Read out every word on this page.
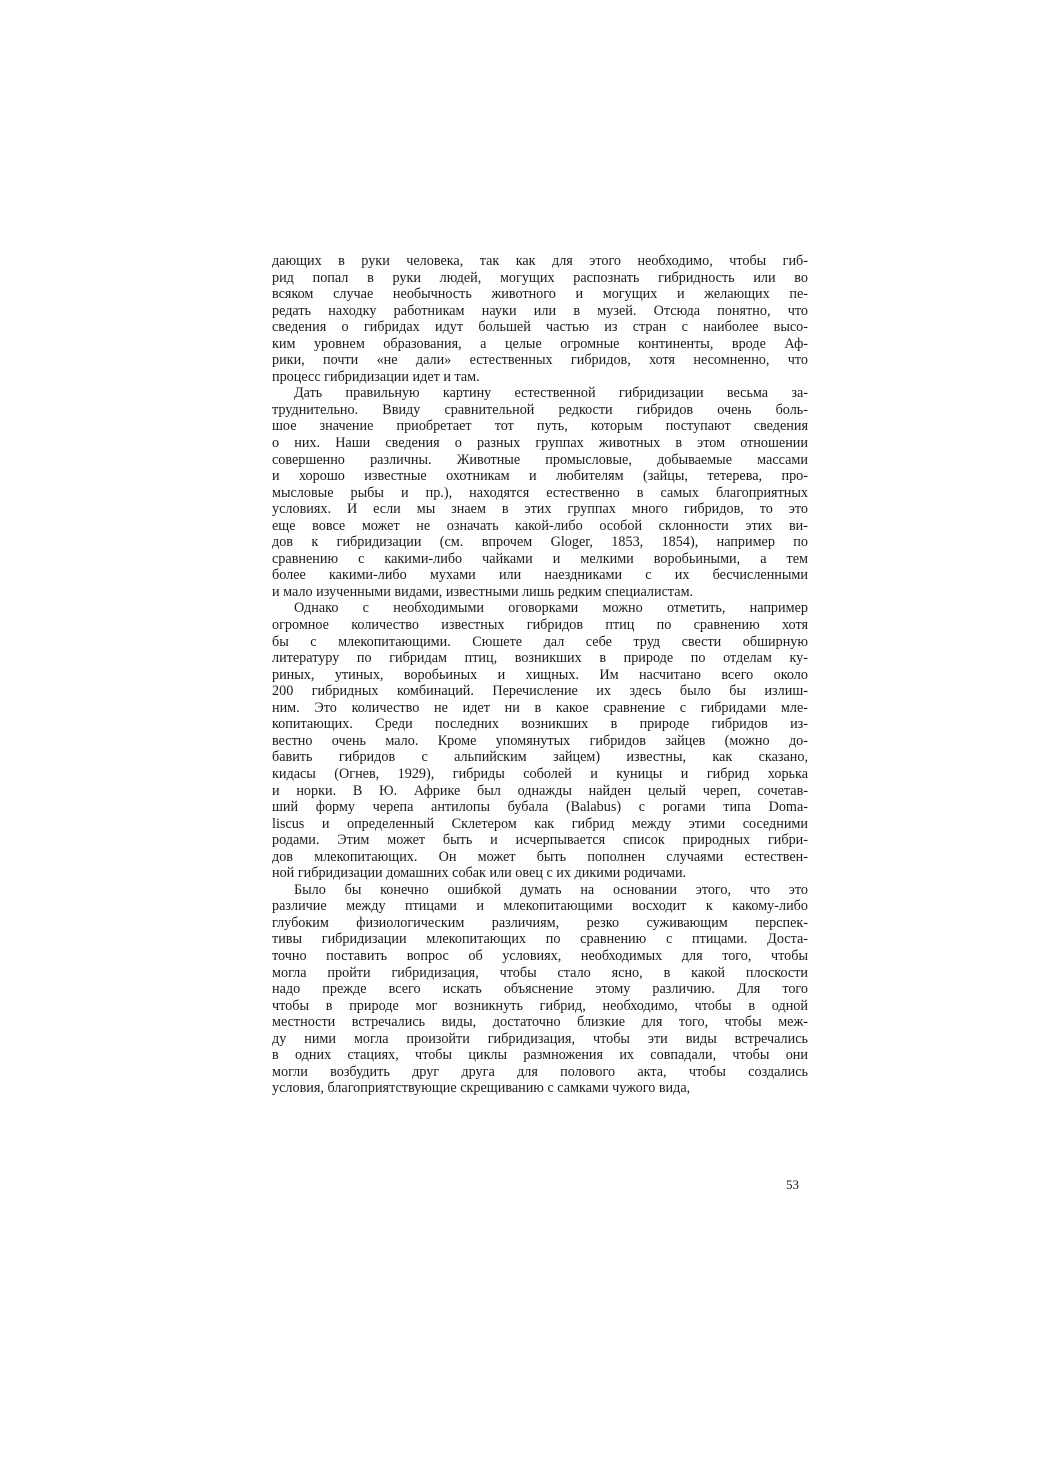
дающих в руки человека, так как для этого необходимо, чтобы гиб-
рид попал в руки людей, могущих распознать гибридность или во
всяком случае необычность животного и могущих и желающих пе-
редать находку работникам науки или в музей. Отсюда понятно, что
сведения о гибридах идут большей частью из стран с наиболее высо-
ким уровнем образования, а целые огромные континенты, вроде Аф-
рики, почти «не дали» естественных гибридов, хотя несомненно, что
процесс гибридизации идет и там.
Дать правильную картину естественной гибридизации весьма за-
труднительно. Ввиду сравнительной редкости гибридов очень боль-
шое значение приобретает тот путь, которым поступают сведения
о них. Наши сведения о разных группах животных в этом отношении
совершенно различны. Животные промысловые, добываемые массами
и хорошо известные охотникам и любителям (зайцы, тетерева, про-
мысловые рыбы и пр.), находятся естественно в самых благоприятных
условиях. И если мы знаем в этих группах много гибридов, то это
еще вовсе может не означать какой-либо особой склонности этих ви-
дов к гибридизации (см. впрочем Gloger, 1853, 1854), например по
сравнению с какими-либо чайками и мелкими воробьиными, а тем
более какими-либо мухами или наездниками с их бесчисленными
и мало изученными видами, известными лишь редким специалистам.
Однако с необходимыми оговорками можно отметить, например
огромное количество известных гибридов птиц по сравнению хотя
бы с млекопитающими. Сюшете дал себе труд свести обширную
литературу по гибридам птиц, возникших в природе по отделам ку-
риных, утиных, воробьиных и хищных. Им насчитано всего около
200 гибридных комбинаций. Перечисление их здесь было бы излиш-
ним. Это количество не идет ни в какое сравнение с гибридами мле-
копитающих. Среди последних возникших в природе гибридов из-
вестно очень мало. Кроме упомянутых гибридов зайцев (можно до-
бавить гибридов с альпийским зайцем) известны, как сказано,
кидасы (Огнев, 1929), гибриды соболей и куницы и гибрид хорька
и норки. В Ю. Африке был однажды найден целый череп, сочетав-
ший форму черепа антилопы бубала (Balabus) с рогами типа Doma-
liscus и определенный Склетером как гибрид между этими соседними
родами. Этим может быть и исчерпывается список природных гибри-
дов млекопитающих. Он может быть пополнен случаями естествен-
ной гибридизации домашних собак или овец с их дикими родичами.
Было бы конечно ошибкой думать на основании этого, что это
различие между птицами и млекопитающими восходит к какому-либо
глубоким физиологическим различиям, резко суживающим перспек-
тивы гибридизации млекопитающих по сравнению с птицами. Доста-
точно поставить вопрос об условиях, необходимых для того, чтобы
могла пройти гибридизация, чтобы стало ясно, в какой плоскости
надо прежде всего искать объяснение этому различию. Для того
чтобы в природе мог возникнуть гибрид, необходимо, чтобы в одной
местности встречались виды, достаточно близкие для того, чтобы меж-
ду ними могла произойти гибридизация, чтобы эти виды встречались
в одних стациях, чтобы циклы размножения их совпадали, чтобы они
могли возбудить друг друга для полового акта, чтобы создались
условия, благоприятствующие скрещиванию с самками чужого вида,
53
